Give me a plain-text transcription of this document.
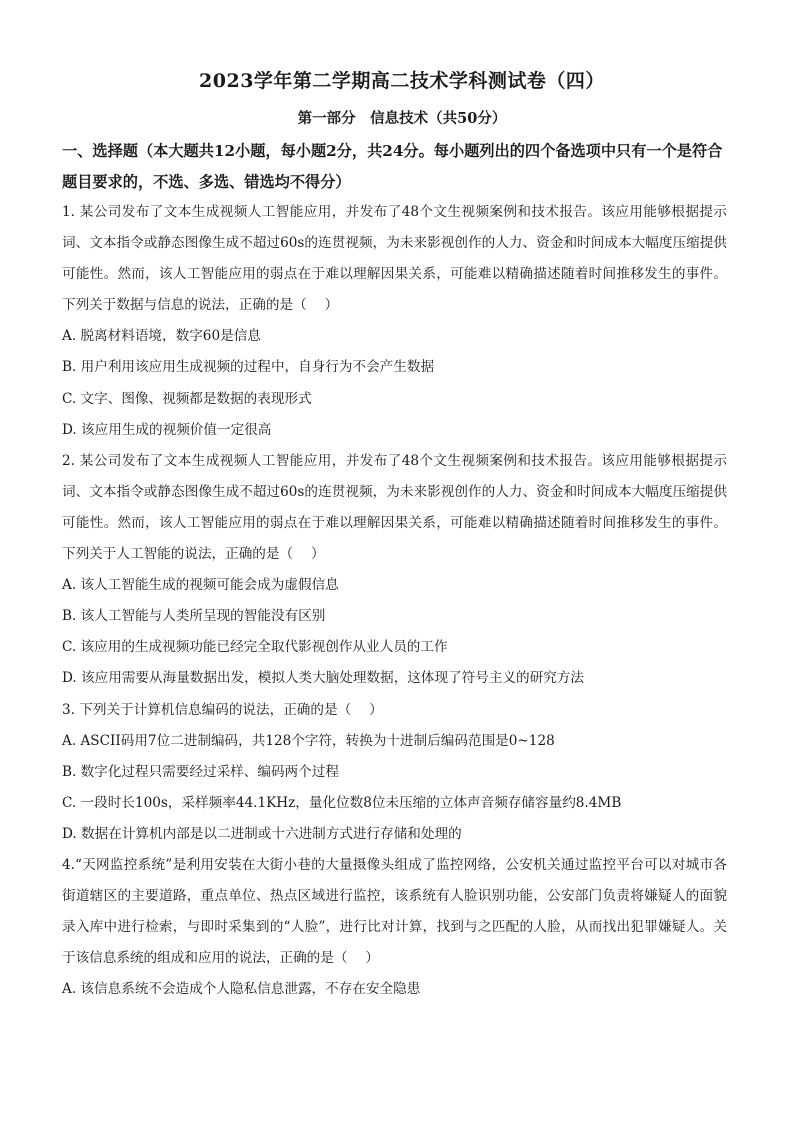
2023学年第二学期高二技术学科测试卷（四）
第一部分　信息技术（共50分）
一、选择题（本大题共12小题，每小题2分，共24分。每小题列出的四个备选项中只有一个是符合题目要求的，不选、多选、错选均不得分）

1. 某公司发布了文本生成视频人工智能应用，并发布了48个文生视频案例和技术报告。该应用能够根据提示词、文本指令或静态图像生成不超过60s的连贯视频，为未来影视创作的人力、资金和时间成本大幅度压缩提供可能性。然而，该人工智能应用的弱点在于难以理解因果关系，可能难以精确描述随着时间推移发生的事件。下列关于数据与信息的说法，正确的是（　 ）

A. 脱离材料语境，数字60是信息

B. 用户利用该应用生成视频的过程中，自身行为不会产生数据

C. 文字、图像、视频都是数据的表现形式

D. 该应用生成的视频价值一定很高

2. 某公司发布了文本生成视频人工智能应用，并发布了48个文生视频案例和技术报告。该应用能够根据提示词、文本指令或静态图像生成不超过60s的连贯视频，为未来影视创作的人力、资金和时间成本大幅度压缩提供可能性。然而，该人工智能应用的弱点在于难以理解因果关系，可能难以精确描述随着时间推移发生的事件。下列关于人工智能的说法，正确的是（　 ）

A. 该人工智能生成的视频可能会成为虚假信息

B. 该人工智能与人类所呈现的智能没有区别

C. 该应用的生成视频功能已经完全取代影视创作从业人员的工作

D. 该应用需要从海量数据出发，模拟人类大脑处理数据，这体现了符号主义的研究方法

3. 下列关于计算机信息编码的说法，正确的是（　 ）

A. ASCII码用7位二进制编码，共128个字符，转换为十进制后编码范围是0~128

B. 数字化过程只需要经过采样、编码两个过程

C. 一段时长100s，采样频率44.1KHz，量化位数8位未压缩的立体声音频存储容量约8.4MB

D. 数据在计算机内部是以二进制或十六进制方式进行存储和处理的

4.“天网监控系统”是利用安装在大街小巷的大量摄像头组成了监控网络，公安机关通过监控平台可以对城市各街道辖区的主要道路，重点单位、热点区域进行监控，该系统有人脸识别功能，公安部门负责将嫌疑人的面貌录入库中进行检索，与即时采集到的“人脸”，进行比对计算，找到与之匹配的人脸，从而找出犯罪嫌疑人。关于该信息系统的组成和应用的说法，正确的是（　 ）

A. 该信息系统不会造成个人隐私信息泄露，不存在安全隐患
